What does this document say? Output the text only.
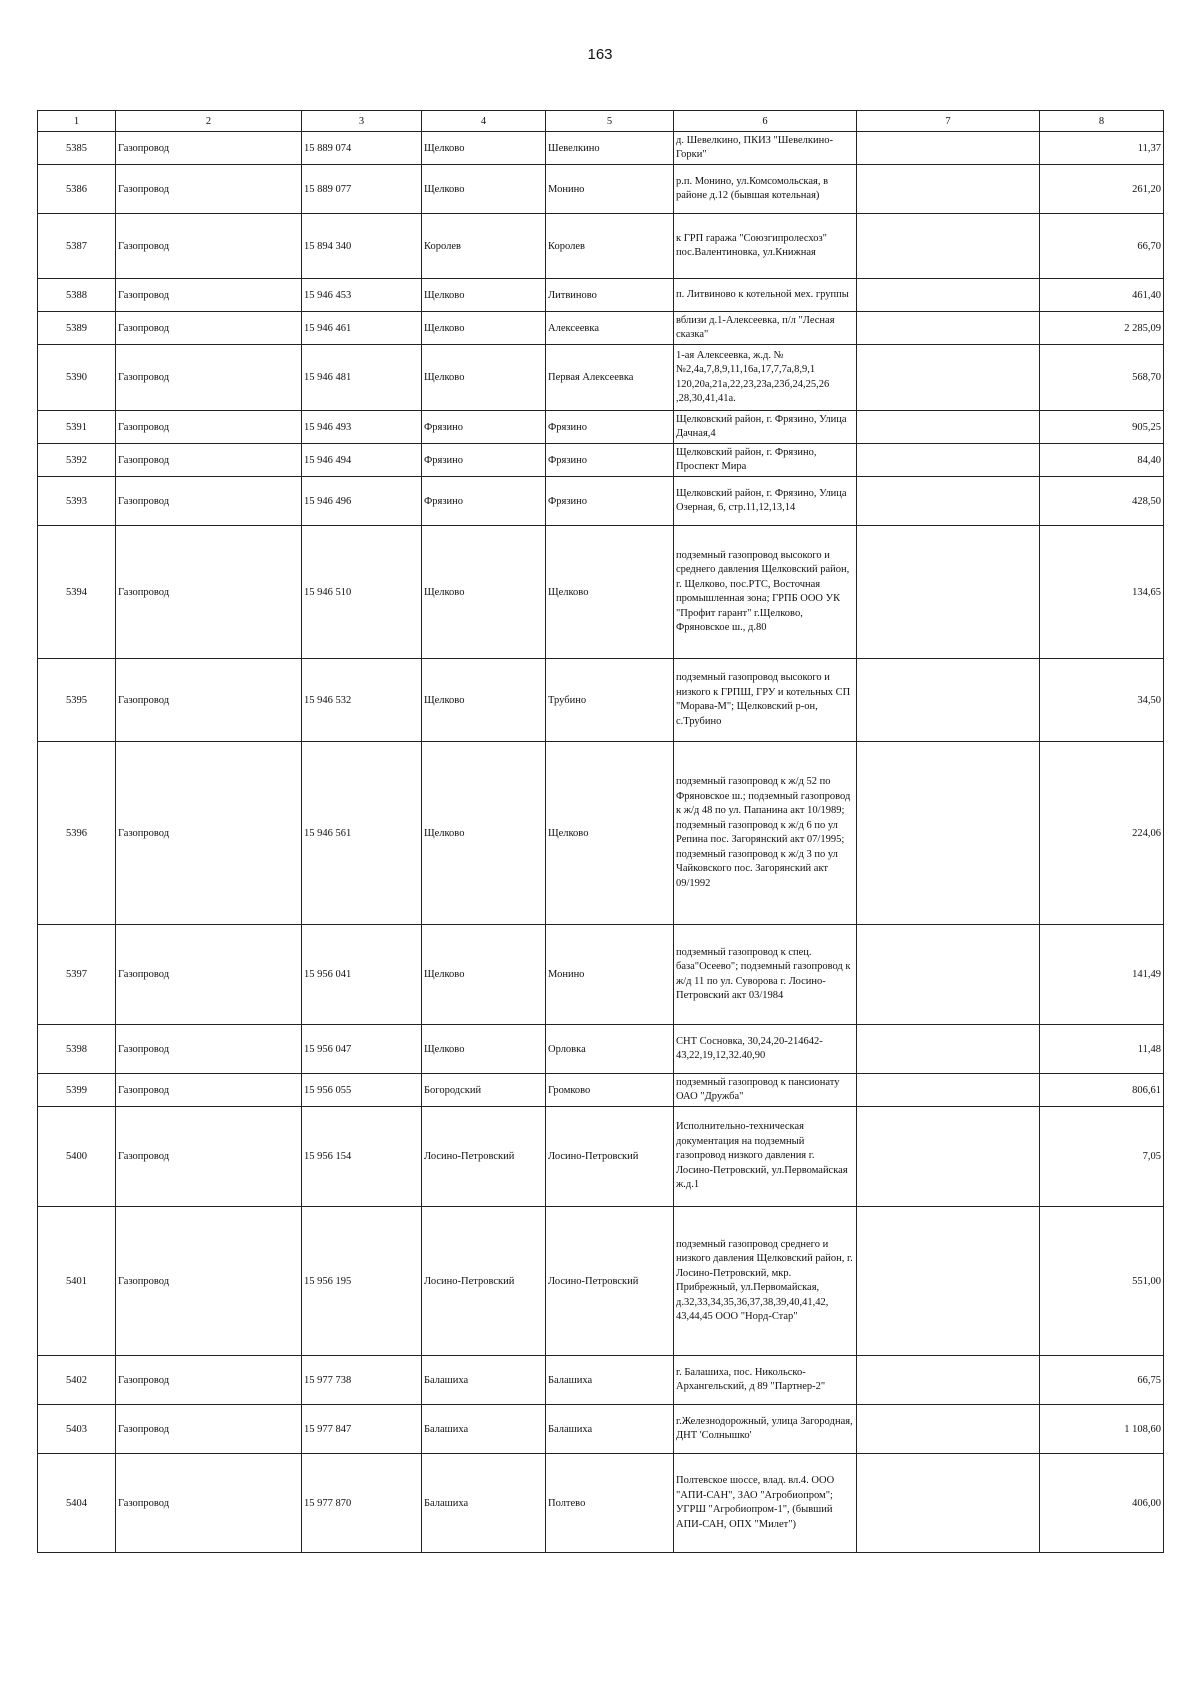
163
1	2	3	4	5	6	7	8
5385	Газопровод	15 889 074	Щелково	Шевелкино	д. Шевелкино, ПКИЗ "Шевелкино-Горки"		11,37
5386	Газопровод	15 889 077	Щелково	Монино	р.п. Монино, ул.Комсомольская, в районе д.12 (бывшая котельная)		261,20
5387	Газопровод	15 894 340	Королев	Королев	к ГРП гаража "Союзгипролесхоз" пос.Валентиновка, ул.Книжная		66,70
5388	Газопровод	15 946 453	Щелково	Литвиново	п. Литвиново к котельной мех. группы		461,40
5389	Газопровод	15 946 461	Щелково	Алексеевка	вблизи д.1-Алексеевка, п/л "Лесная сказка"		2 285,09
5390	Газопровод	15 946 481	Щелково	Первая Алексеевка	1-ая Алексеевка, ж.д. №№2,4а,7,8,9,11,16а,17,7,7а,8,9,1 120,20а,21а,22,23,23а,23б,24,25,26 ,28,30,41,41а.		568,70
5391	Газопровод	15 946 493	Фрязино	Фрязино	Щелковский район, г. Фрязино, Улица Дачная,4		905,25
5392	Газопровод	15 946 494	Фрязино	Фрязино	Щелковский район, г. Фрязино, Проспект Мира		84,40
5393	Газопровод	15 946 496	Фрязино	Фрязино	Щелковский район, г. Фрязино, Улица Озерная, 6, стр.11,12,13,14		428,50
5394	Газопровод	15 946 510	Щелково	Щелково	подземный газопровод высокого и среднего давления Щелковский район, г. Щелково, пос.РТС, Восточная промышленная зона; ГРПБ ООО УК "Профит гарант" г.Щелково, Фряновское ш., д.80		134,65
5395	Газопровод	15 946 532	Щелково	Трубино	подземный газопровод высокого и низкого к ГРПШ, ГРУ и котельных СП "Морава-М"; Щелковский р-он, с.Трубино		34,50
5396	Газопровод	15 946 561	Щелково	Щелково	подземный газопровод к ж/д 52 по Фряновское ш.; подземный газопровод к ж/д 48 по ул. Папанина акт 10/1989; подземный газопровод к ж/д 6 по ул Репина пос. Загорянский акт 07/1995; подземный газопровод к ж/д 3 по ул Чайковского пос. Загорянский акт 09/1992		224,06
5397	Газопровод	15 956 041	Щелково	Монино	подземный газопровод к спец. база"Осеево"; подземный газопровод к ж/д 11 по ул. Суворова г. Лосино-Петровский акт 03/1984		141,49
5398	Газопровод	15 956 047	Щелково	Орловка	СНТ Сосновка, 30,24,20-214642-43,22,19,12,32.40,90		11,48
5399	Газопровод	15 956 055	Богородский	Громково	подземный газопровод к пансионату ОАО "Дружба"		806,61
5400	Газопровод	15 956 154	Лосино-Петровский	Лосино-Петровский	Исполнительно-техническая документация на подземный газопровод низкого давления г. Лосино-Петровский, ул.Первомайская ж.д.1		7,05
5401	Газопровод	15 956 195	Лосино-Петровский	Лосино-Петровский	подземный газопровод среднего и низкого давления Щелковский район, г. Лосино-Петровский, мкр. Прибрежный, ул.Первомайская, д.32,33,34,35,36,37,38,39,40,41,42, 43,44,45 ООО "Норд-Стар"		551,00
5402	Газопровод	15 977 738	Балашиха	Балашиха	г. Балашиха, пос. Никольско-Архангельский, д 89 "Партнер-2"		66,75
5403	Газопровод	15 977 847	Балашиха	Балашиха	г.Железнодорожный, улица Загородная, ДНТ 'Солнышко'		1 108,60
5404	Газопровод	15 977 870	Балашиха	Полтево	Полтевское шоссе, влад. вл.4. ООО "АПИ-САН", ЗАО "Агробиопром"; УГРШ "Агробиопром-1", (бывший АПИ-САН, ОПХ "Милет")		406,00
